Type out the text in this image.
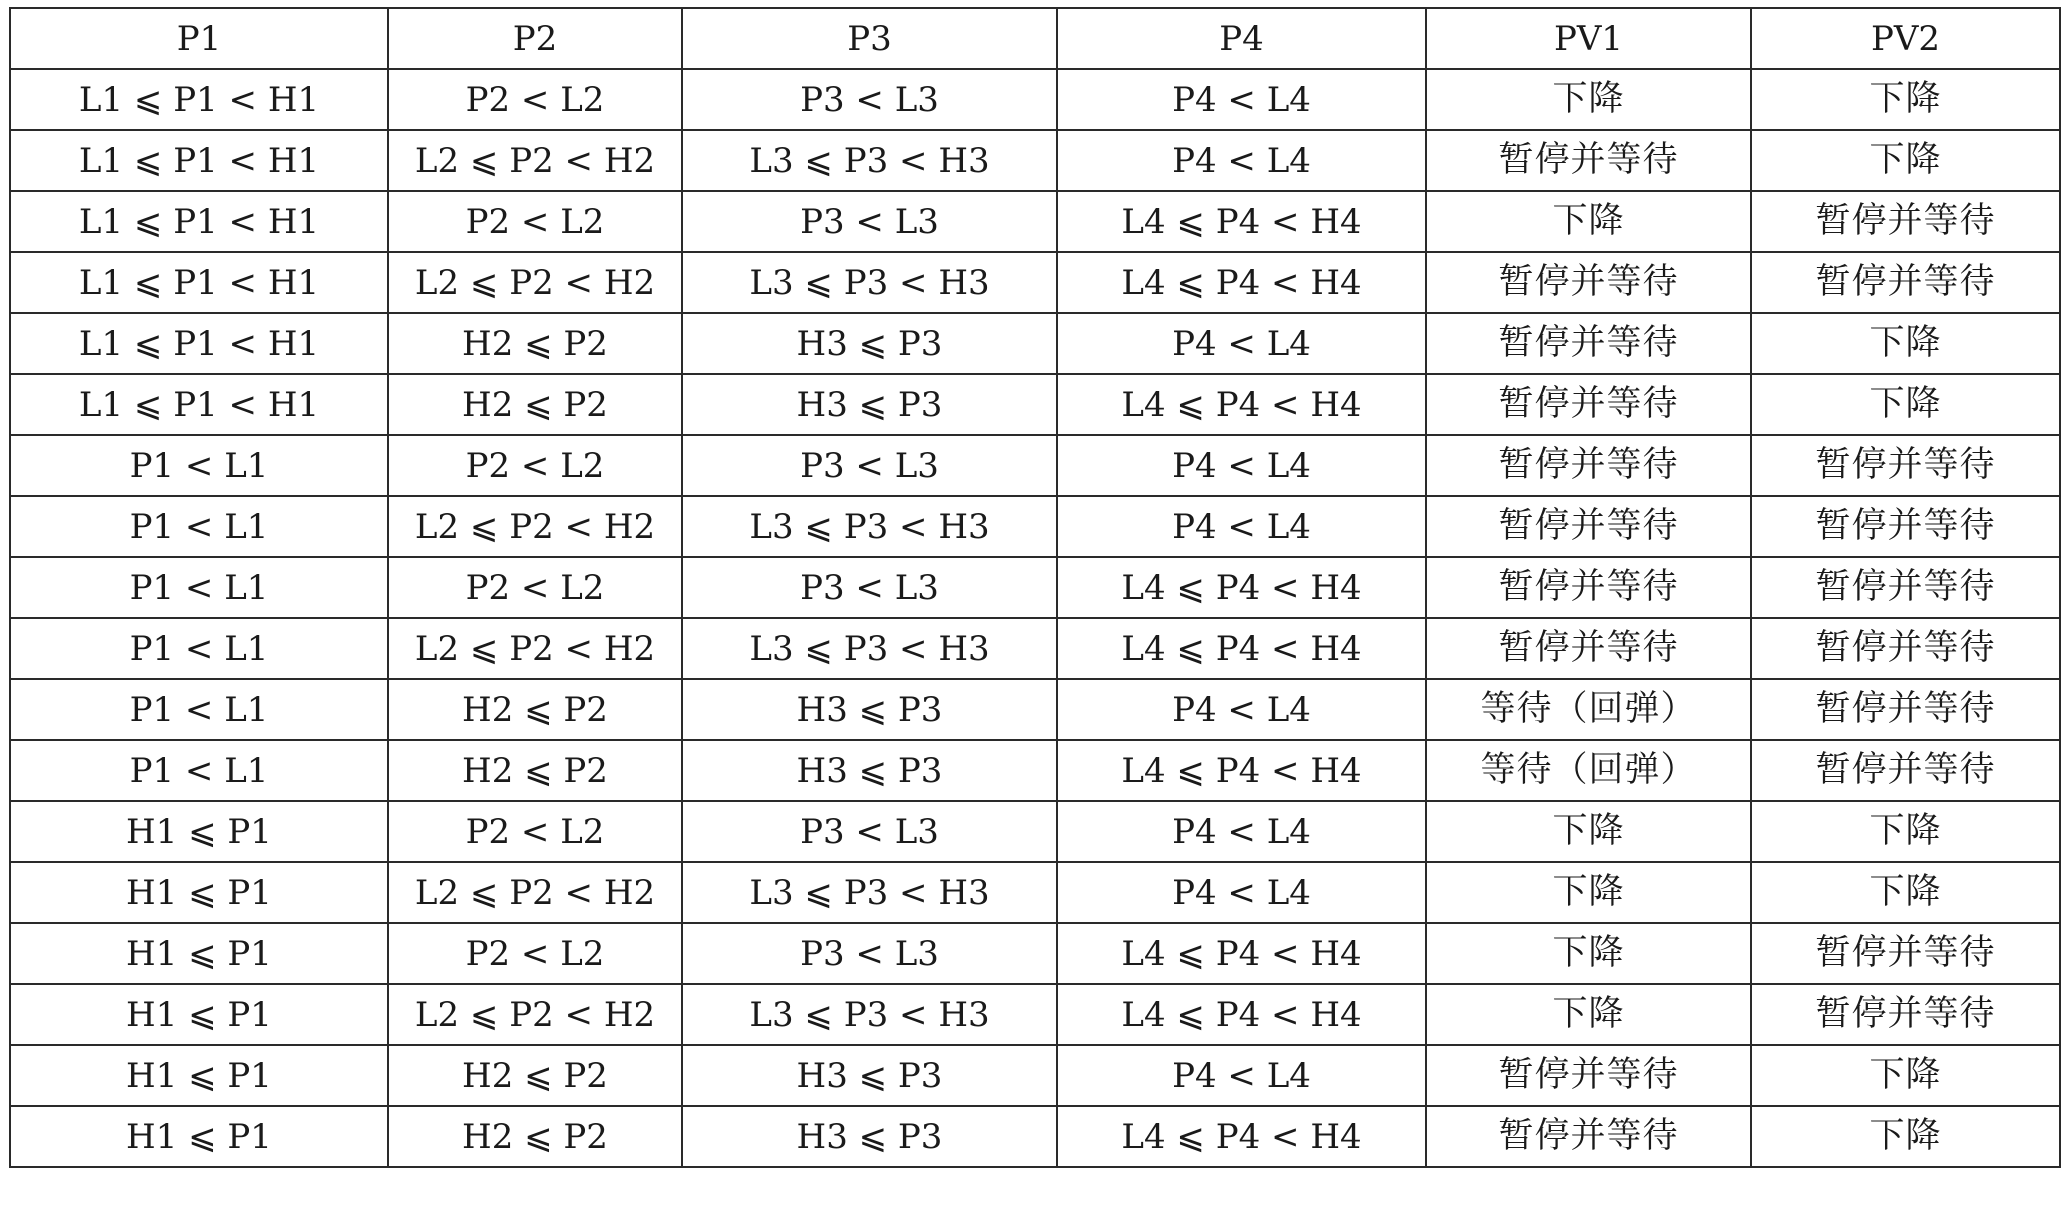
P1	P2	P3	P4	PV1	PV2
L1 ⩽ P1 < H1	P2 < L2	P3 < L3	P4 < L4	下降	下降
L1 ⩽ P1 < H1	L2 ⩽ P2 < H2	L3 ⩽ P3 < H3	P4 < L4	暂停并等待	下降
L1 ⩽ P1 < H1	P2 < L2	P3 < L3	L4 ⩽ P4 < H4	下降	暂停并等待
L1 ⩽ P1 < H1	L2 ⩽ P2 < H2	L3 ⩽ P3 < H3	L4 ⩽ P4 < H4	暂停并等待	暂停并等待
L1 ⩽ P1 < H1	H2 ⩽ P2	H3 ⩽ P3	P4 < L4	暂停并等待	下降
L1 ⩽ P1 < H1	H2 ⩽ P2	H3 ⩽ P3	L4 ⩽ P4 < H4	暂停并等待	下降
P1 < L1	P2 < L2	P3 < L3	P4 < L4	暂停并等待	暂停并等待
P1 < L1	L2 ⩽ P2 < H2	L3 ⩽ P3 < H3	P4 < L4	暂停并等待	暂停并等待
P1 < L1	P2 < L2	P3 < L3	L4 ⩽ P4 < H4	暂停并等待	暂停并等待
P1 < L1	L2 ⩽ P2 < H2	L3 ⩽ P3 < H3	L4 ⩽ P4 < H4	暂停并等待	暂停并等待
P1 < L1	H2 ⩽ P2	H3 ⩽ P3	P4 < L4	等待（回弹）	暂停并等待
P1 < L1	H2 ⩽ P2	H3 ⩽ P3	L4 ⩽ P4 < H4	等待（回弹）	暂停并等待
H1 ⩽ P1	P2 < L2	P3 < L3	P4 < L4	下降	下降
H1 ⩽ P1	L2 ⩽ P2 < H2	L3 ⩽ P3 < H3	P4 < L4	下降	下降
H1 ⩽ P1	P2 < L2	P3 < L3	L4 ⩽ P4 < H4	下降	暂停并等待
H1 ⩽ P1	L2 ⩽ P2 < H2	L3 ⩽ P3 < H3	L4 ⩽ P4 < H4	下降	暂停并等待
H1 ⩽ P1	H2 ⩽ P2	H3 ⩽ P3	P4 < L4	暂停并等待	下降
H1 ⩽ P1	H2 ⩽ P2	H3 ⩽ P3	L4 ⩽ P4 < H4	暂停并等待	下降
